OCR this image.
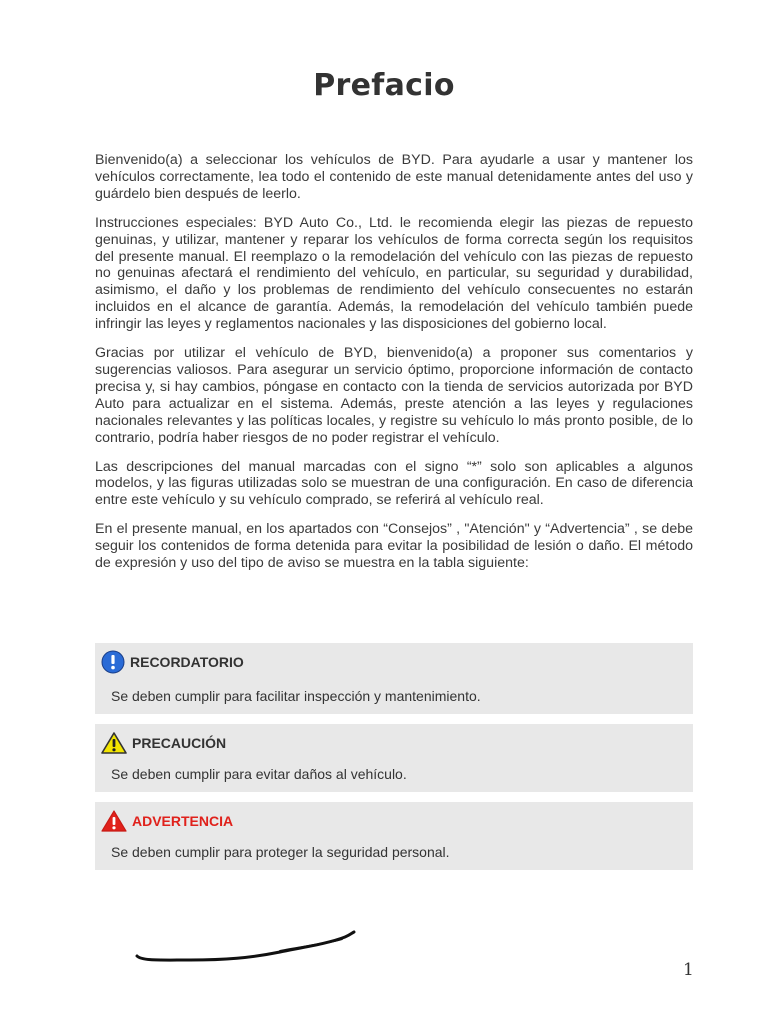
Prefacio

Bienvenido(a) a seleccionar los vehículos de BYD. Para ayudarle a usar y mantener los vehículos correctamente, lea todo el contenido de este manual detenidamente antes del uso y guárdelo bien después de leerlo.

Instrucciones especiales: BYD Auto Co., Ltd. le recomienda elegir las piezas de repuesto genuinas, y utilizar, mantener y reparar los vehículos de forma correcta según los requisitos del presente manual. El reemplazo o la remodelación del vehículo con las piezas de repuesto no genuinas afectará el rendimiento del vehículo, en particular, su seguridad y durabilidad, asimismo, el daño y los problemas de rendimiento del vehículo consecuentes no estarán incluidos en el alcance de garantía. Además, la remodelación del vehículo también puede infringir las leyes y reglamentos nacionales y las disposiciones del gobierno local.

Gracias por utilizar el vehículo de BYD, bienvenido(a) a proponer sus comentarios y sugerencias valiosos. Para asegurar un servicio óptimo, proporcione información de contacto precisa y, si hay cambios, póngase en contacto con la tienda de servicios autorizada por BYD Auto para actualizar en el sistema. Además, preste atención a las leyes y regulaciones nacionales relevantes y las políticas locales, y registre su vehículo lo más pronto posible, de lo contrario, podría haber riesgos de no poder registrar el vehículo.

Las descripciones del manual marcadas con el signo “*” solo son aplicables a algunos modelos, y las figuras utilizadas solo se muestran de una configuración. En caso de diferencia entre este vehículo y su vehículo comprado, se referirá al vehículo real.

En el presente manual, en los apartados con “Consejos” , "Atención" y “Advertencia” , se debe seguir los contenidos de forma detenida para evitar la posibilidad de lesión o daño. El método de expresión y uso del tipo de aviso se muestra en la tabla siguiente:

RECORDATORIO
Se deben cumplir para facilitar inspección y mantenimiento.
PRECAUCIÓN
Se deben cumplir para evitar daños al vehículo.
ADVERTENCIA
Se deben cumplir para proteger la seguridad personal.
1
